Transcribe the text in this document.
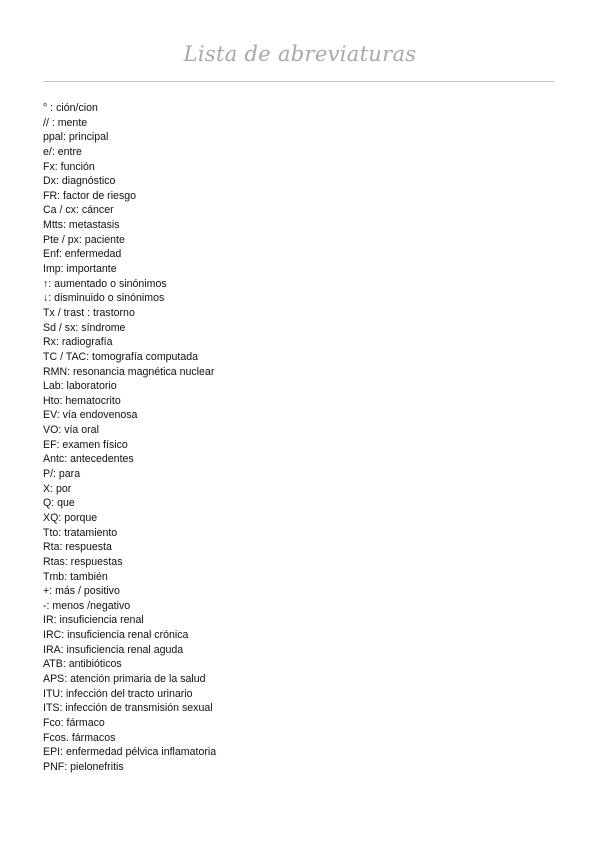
Lista de abreviaturas
° : ción/cion
// : mente
ppal: principal
e/: entre
Fx: función
Dx: diagnóstico
FR: factor de riesgo
Ca / cx: cáncer
Mtts: metastasis
Pte / px: paciente
Enf: enfermedad
Imp: importante
↑: aumentado o sinónimos
↓: disminuido o sinónimos
Tx / trast : trastorno
Sd / sx: síndrome
Rx: radiografía
TC / TAC: tomografía computada
RMN: resonancia magnética nuclear
Lab: laboratorio
Hto: hematocrito
EV: vía endovenosa
VO: vía oral
EF: examen físico
Antc: antecedentes
P/: para
X: por
Q: que
XQ: porque
Tto: tratamiento
Rta: respuesta
Rtas: respuestas
Tmb: también
+: más / positivo
-: menos /negativo
IR: insuficiencia renal
IRC: insuficiencia renal crónica
IRA: insuficiencia renal aguda
ATB: antibióticos
APS: atención primaria de la salud
ITU: infección del tracto urinario
ITS: infección de transmisión sexual
Fco: fármaco
Fcos. fármacos
EPI: enfermedad pélvica inflamatoria
PNF: pielonefritis
